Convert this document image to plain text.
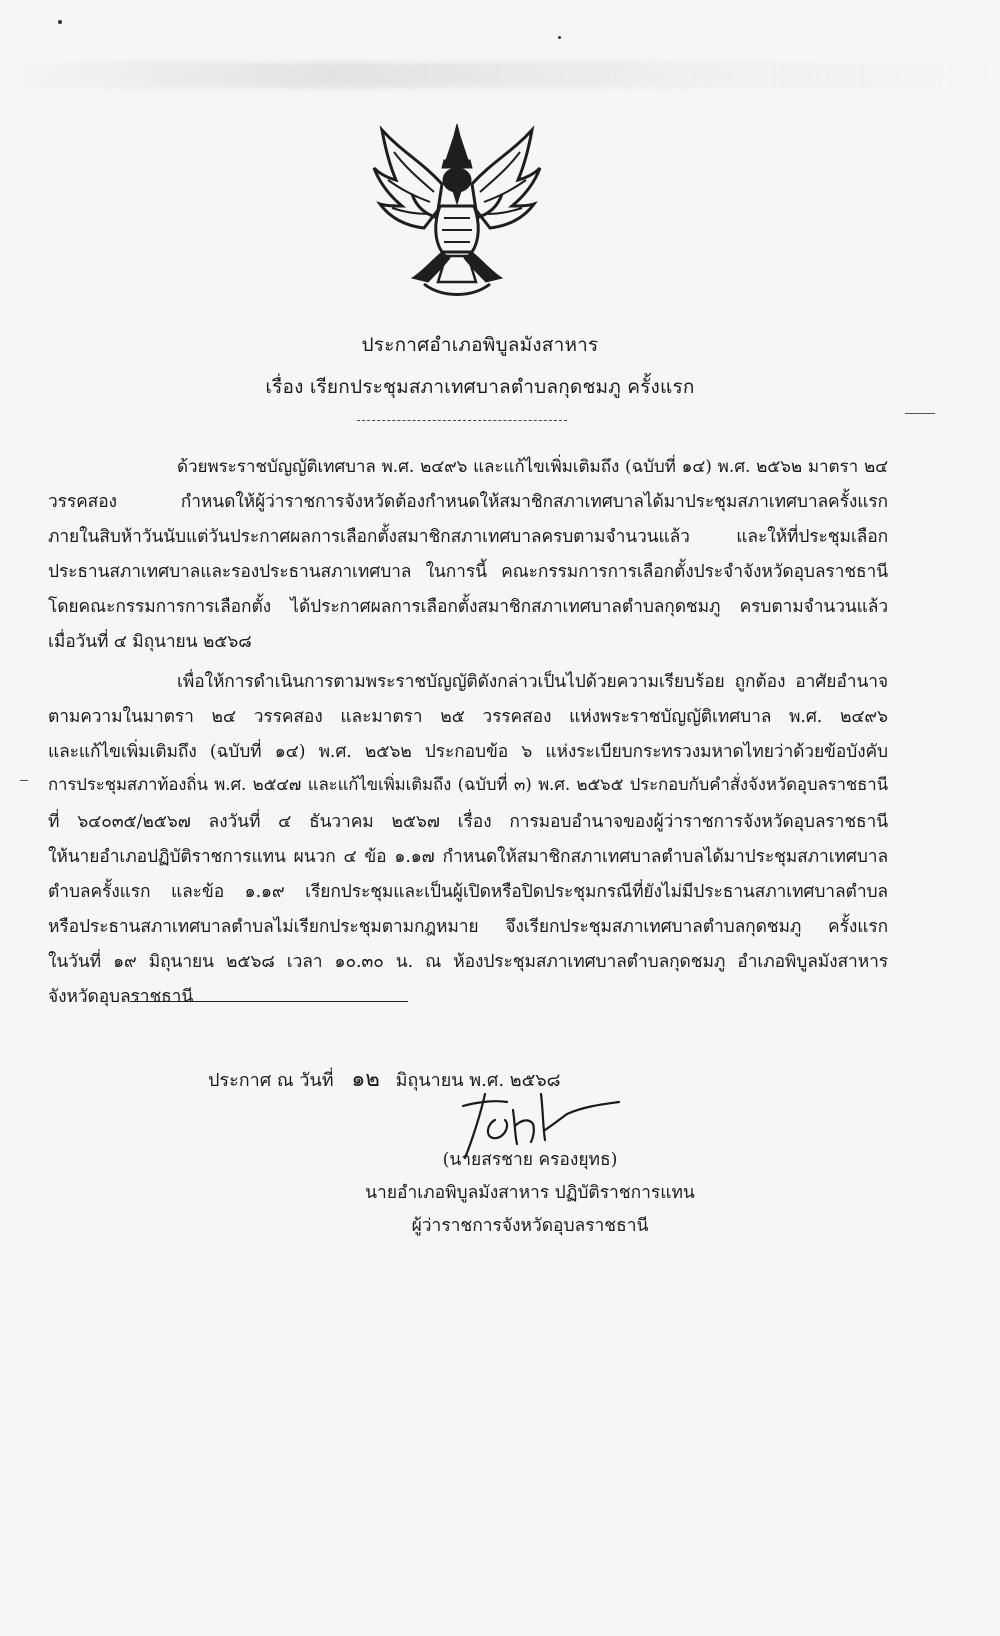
ประกาศอำเภอพิบูลมังสาหาร
เรื่อง เรียกประชุมสภาเทศบาลตำบลกุดชมภู ครั้งแรก
ด้วยพระราชบัญญัติเทศบาล พ.ศ. ๒๔๙๖ และแก้ไขเพิ่มเติมถึง (ฉบับที่ ๑๔) พ.ศ. ๒๕๖๒ มาตรา ๒๔
วรรคสอง กำหนดให้ผู้ว่าราชการจังหวัดต้องกำหนดให้สมาชิกสภาเทศบาลได้มาประชุมสภาเทศบาลครั้งแรก
ภายในสิบห้าวันนับแต่วันประกาศผลการเลือกตั้งสมาชิกสภาเทศบาลครบตามจำนวนแล้ว และให้ที่ประชุมเลือก
ประธานสภาเทศบาลและรองประธานสภาเทศบาล ในการนี้ คณะกรรมการการเลือกตั้งประจำจังหวัดอุบลราชธานี
โดยคณะกรรมการการเลือกตั้ง ได้ประกาศผลการเลือกตั้งสมาชิกสภาเทศบาลตำบลกุดชมภู ครบตามจำนวนแล้ว
เมื่อวันที่ ๔ มิถุนายน ๒๕๖๘
เพื่อให้การดำเนินการตามพระราชบัญญัติดังกล่าวเป็นไปด้วยความเรียบร้อย ถูกต้อง อาศัยอำนาจ
ตามความในมาตรา ๒๔ วรรคสอง และมาตรา ๒๕ วรรคสอง แห่งพระราชบัญญัติเทศบาล พ.ศ. ๒๔๙๖
และแก้ไขเพิ่มเติมถึง (ฉบับที่ ๑๔) พ.ศ. ๒๕๖๒ ประกอบข้อ ๖ แห่งระเบียบกระทรวงมหาดไทยว่าด้วยข้อบังคับ
การประชุมสภาท้องถิ่น พ.ศ. ๒๕๔๗ และแก้ไขเพิ่มเติมถึง (ฉบับที่ ๓) พ.ศ. ๒๕๖๕ ประกอบกับคำสั่งจังหวัดอุบลราชธานี
ที่ ๖๔๐๓๕/๒๕๖๗ ลงวันที่ ๔ ธันวาคม ๒๕๖๗ เรื่อง การมอบอำนาจของผู้ว่าราชการจังหวัดอุบลราชธานี
ให้นายอำเภอปฏิบัติราชการแทน ผนวก ๔ ข้อ ๑.๑๗ กำหนดให้สมาชิกสภาเทศบาลตำบลได้มาประชุมสภาเทศบาล
ตำบลครั้งแรก และข้อ ๑.๑๙ เรียกประชุมและเป็นผู้เปิดหรือปิดประชุมกรณีที่ยังไม่มีประธานสภาเทศบาลตำบล
หรือประธานสภาเทศบาลตำบลไม่เรียกประชุมตามกฎหมาย จึงเรียกประชุมสภาเทศบาลตำบลกุดชมภู ครั้งแรก
ในวันที่ ๑๙ มิถุนายน ๒๕๖๘ เวลา ๑๐.๓๐ น. ณ ห้องประชุมสภาเทศบาลตำบลกุดชมภู อำเภอพิบูลมังสาหาร
จังหวัดอุบลราชธานี
ประกาศ ณ วันที่ ๑๒ มิถุนายน พ.ศ. ๒๕๖๘
(นายสรชาย ครองยุทธ)
นายอำเภอพิบูลมังสาหาร ปฏิบัติราชการแทน
ผู้ว่าราชการจังหวัดอุบลราชธานี
